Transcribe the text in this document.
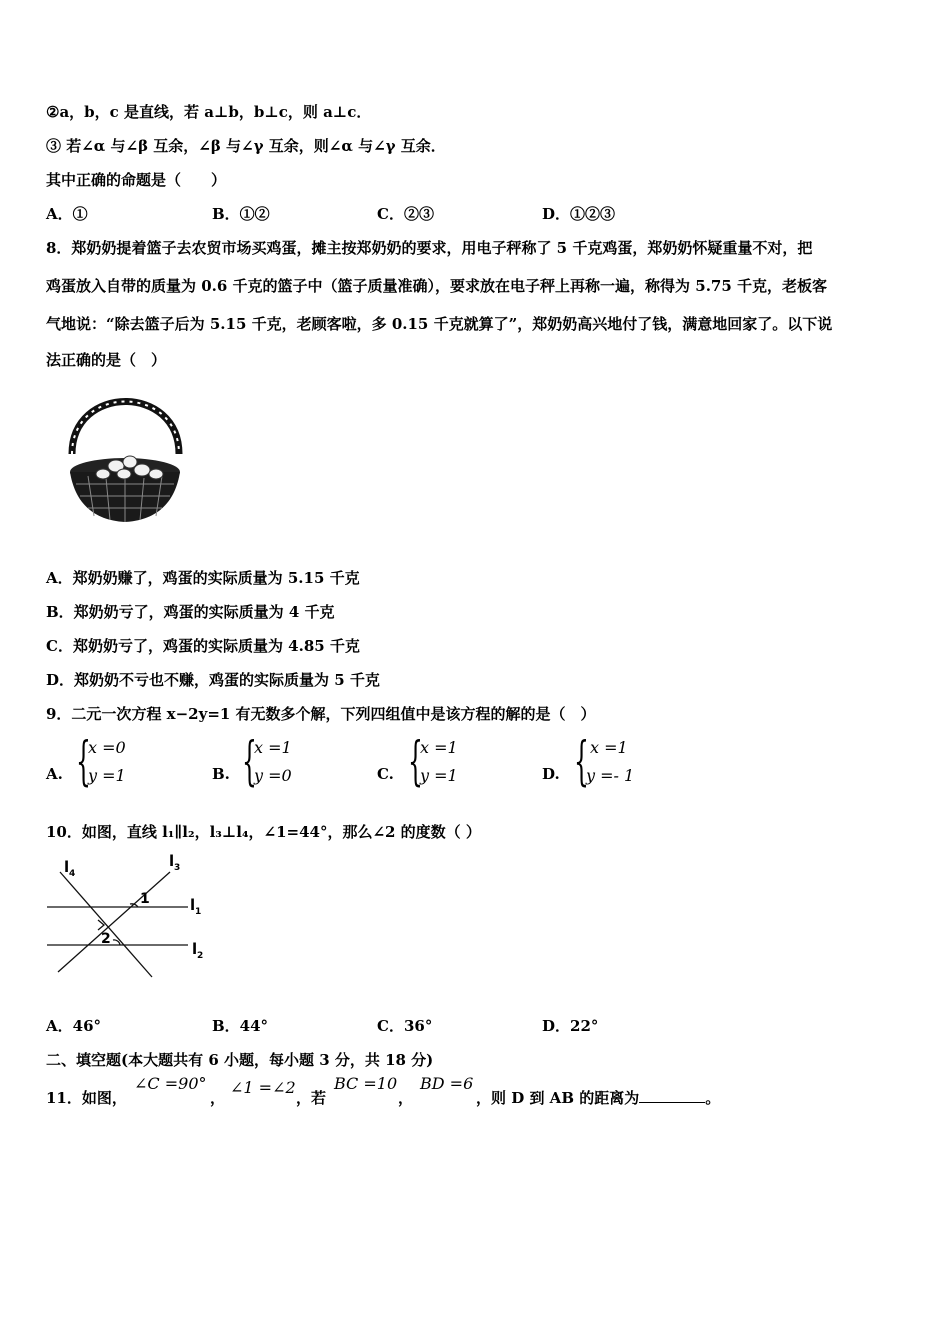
②a，b，c 是直线，若 a⊥b，b⊥c，则 a⊥c．
③ 若∠α 与∠β 互余，∠β 与∠γ 互余，则∠α 与∠γ 互余．
其中正确的命题是（　　）
A．①	B．①②	C．②③	D．①②③
8．郑奶奶提着篮子去农贸市场买鸡蛋，摊主按郑奶奶的要求，用电子秤称了 5 千克鸡蛋，郑奶奶怀疑重量不对，把
鸡蛋放入自带的质量为 0.6 千克的篮子中（篮子质量准确），要求放在电子秤上再称一遍，称得为 5.75 千克，老板客
气地说：“除去篮子后为 5.15 千克，老顾客啦，多 0.15 千克就算了”，郑奶奶高兴地付了钱，满意地回家了。以下说
法正确的是（　）
A．郑奶奶赚了，鸡蛋的实际质量为 5.15 千克
B．郑奶奶亏了，鸡蛋的实际质量为 4 千克
C．郑奶奶亏了，鸡蛋的实际质量为 4.85 千克
D．郑奶奶不亏也不赚，鸡蛋的实际质量为 5 千克
9．二元一次方程 x−2y=1 有无数多个解，下列四组值中是该方程的解的是（　）
A. {
x =0
y =1	B. {
x =1
y =0	C. {
x =1
y =1	D. { x =1
y =- 1
10．如图，直线 l₁∥l₂，l₃⊥l₄，∠1=44°，那么∠2 的度数（ ）
l 4
l 3
l 1
l 2
1
2
A．46°	B．44°	C．36°	D．22°
二、填空题(本大题共有 6 小题，每小题 3 分，共 18 分)
11．如图，
∠C =90°
，
∠1 =∠2
，若
BC =10
，
BD =6
，则 D 到 AB 的距离为	。
